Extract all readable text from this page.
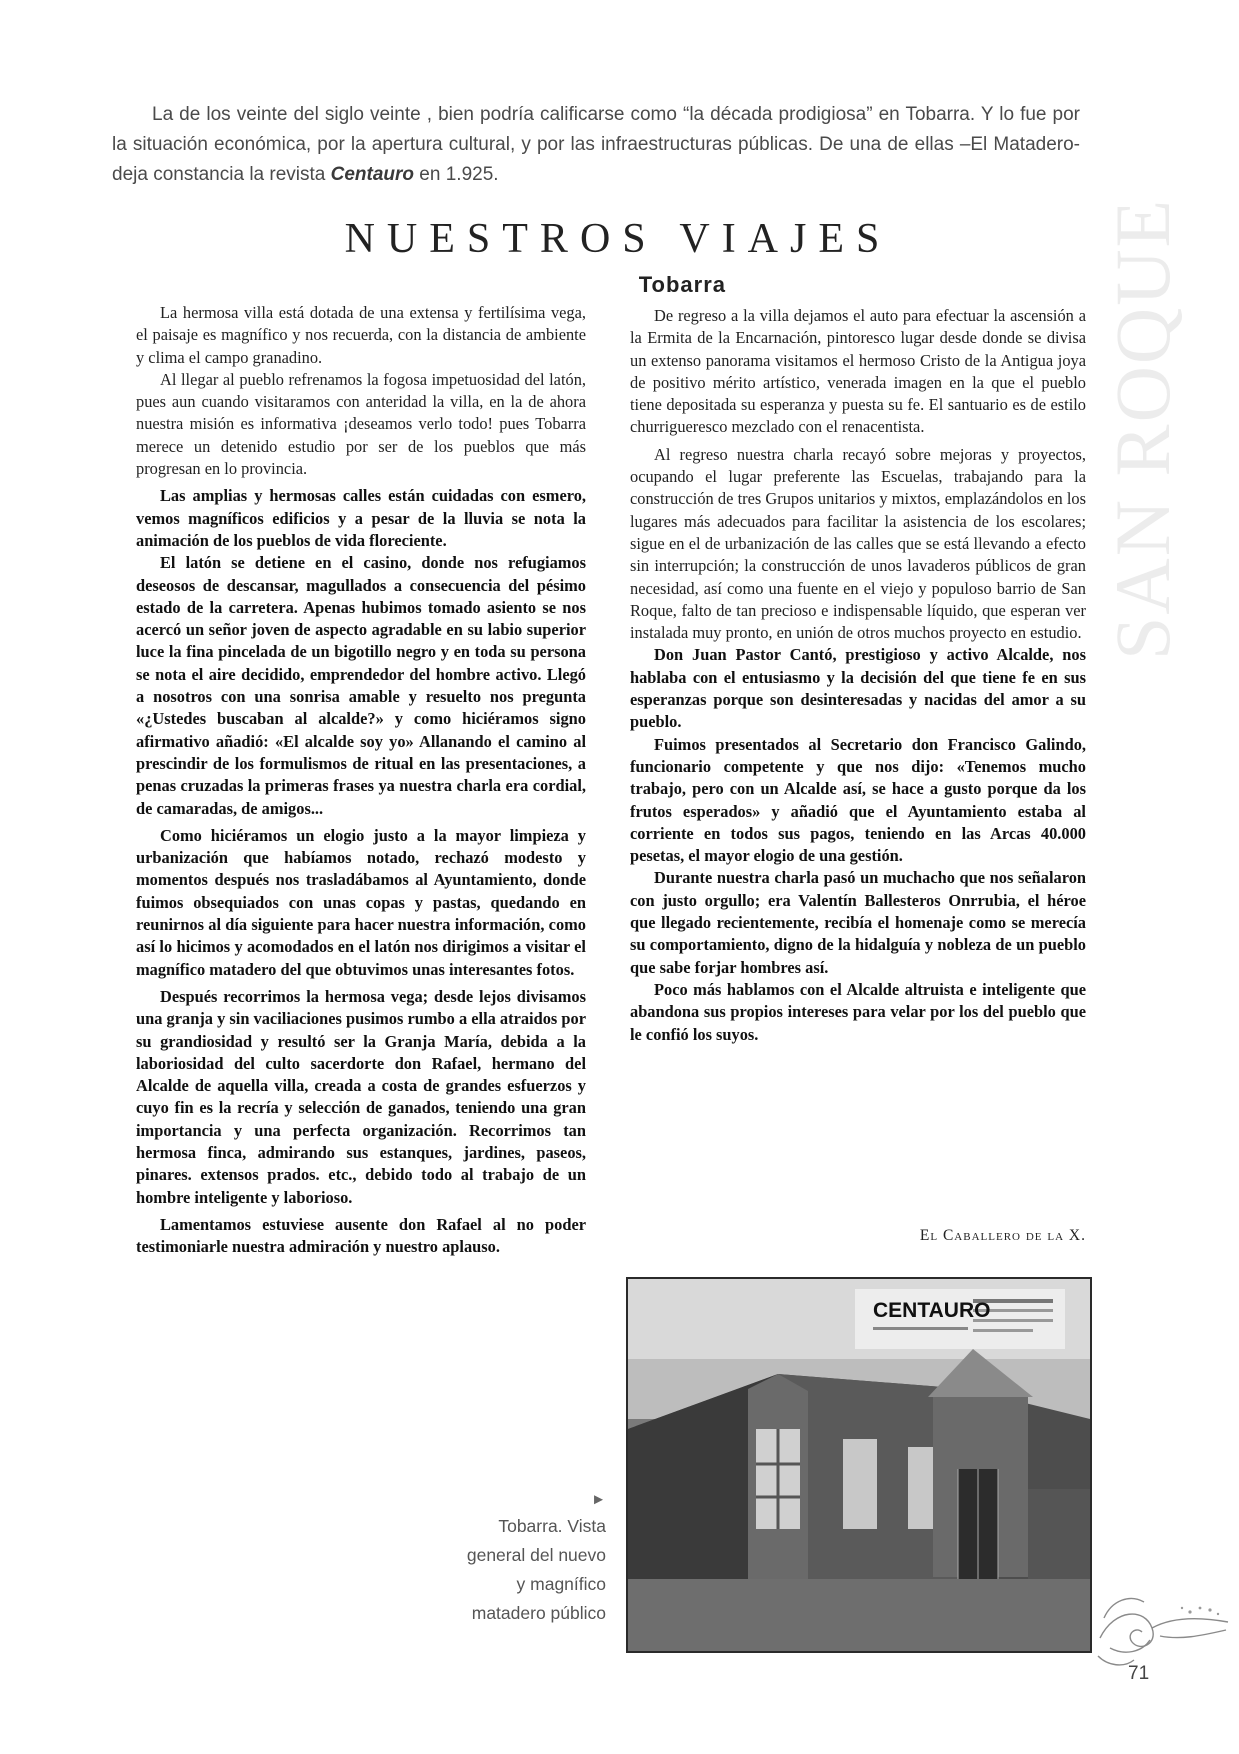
La de los veinte del siglo veinte , bien podría calificarse como “la década prodigiosa” en Tobarra. Y lo fue por la situación económica, por la apertura cultural, y por las infraestructuras públicas. De una de ellas –El Matadero- deja constancia la revista Centauro en 1.925.

SAN ROQUE
NUESTROS VIAJES
Tobarra

La hermosa villa está dotada de una extensa y fertilísima vega, el paisaje es magnífico y nos recuerda, con la distancia de ambiente y clima el campo granadino.

Al llegar al pueblo refrenamos la fogosa impetuosidad del latón, pues aun cuando visitaramos con anteridad la villa, en la de ahora nuestra misión es informativa ¡deseamos verlo todo! pues Tobarra merece un detenido estudio por ser de los pueblos que más progresan en lo provincia.

Las amplias y hermosas calles están cuidadas con esmero, vemos magníficos edificios y a pesar de la lluvia se nota la animación de los pueblos de vida floreciente.

El latón se detiene en el casino, donde nos refugiamos deseosos de descansar, magullados a consecuencia del pésimo estado de la carretera. Apenas hubimos tomado asiento se nos acercó un señor joven de aspecto agradable en su labio superior luce la fina pincelada de un bigotillo negro y en toda su persona se nota el aire decidido, emprendedor del hombre activo. Llegó a nosotros con una sonrisa amable y resuelto nos pregunta «¿Ustedes buscaban al alcalde?» y como hiciéramos signo afirmativo añadió: «El alcalde soy yo» Allanando el camino al prescindir de los formulismos de ritual en las presentaciones, a penas cruzadas la primeras frases ya nuestra charla era cordial, de camaradas, de amigos...

Como hiciéramos un elogio justo a la mayor limpieza y urbanización que habíamos notado, rechazó modesto y momentos después nos trasladábamos al Ayuntamiento, donde fuimos obsequiados con unas copas y pastas, quedando en reunirnos al día siguiente para hacer nuestra información, como así lo hicimos y acomodados en el latón nos dirigimos a visitar el magnífico matadero del que obtuvimos unas interesantes fotos.

Después recorrimos la hermosa vega; desde lejos divisamos una granja y sin vaciliaciones pusimos rumbo a ella atraidos por su grandiosidad y resultó ser la Granja María, debida a la laboriosidad del culto sacerdorte don Rafael, hermano del Alcalde de aquella villa, creada a costa de grandes esfuerzos y cuyo fin es la recría y selección de ganados, teniendo una gran importancia y una perfecta organización. Recorrimos tan hermosa finca, admirando sus estanques, jardines, paseos, pinares. extensos prados. etc., debido todo al trabajo de un hombre inteligente y laborioso.

Lamentamos estuviese ausente don Rafael al no poder testimoniarle nuestra admiración y nuestro aplauso.

De regreso a la villa dejamos el auto para efectuar la ascensión a la Ermita de la Encarnación, pintoresco lugar desde donde se divisa un extenso panorama visitamos el hermoso Cristo de la Antigua joya de positivo mérito artístico, venerada imagen en la que el pueblo tiene depositada su esperanza y puesta su fe. El santuario es de estilo churrigueresco mezclado con el renacentista.

Al regreso nuestra charla recayó sobre mejoras y proyectos, ocupando el lugar preferente las Escuelas, trabajando para la construcción de tres Grupos unitarios y mixtos, emplazándolos en los lugares más adecuados para facilitar la asistencia de los escolares; sigue en el de urbanización de las calles que se está llevando a efecto sin interrupción; la construcción de unos lavaderos públicos de gran necesidad, así como una fuente en el viejo y populoso barrio de San Roque, falto de tan precioso e indispensable líquido, que esperan ver instalada muy pronto, en unión de otros muchos proyecto en estudio.

Don Juan Pastor Cantó, prestigioso y activo Alcalde, nos hablaba con el entusiasmo y la decisión del que tiene fe en sus esperanzas porque son desinteresadas y nacidas del amor a su pueblo.

Fuimos presentados al Secretario don Francisco Galindo, funcionario competente y que nos dijo: «Tenemos mucho trabajo, pero con un Alcalde así, se hace a gusto porque da los frutos esperados» y añadió que el Ayuntamiento estaba al corriente en todos sus pagos, teniendo en las Arcas 40.000 pesetas, el mayor elogio de una gestión.

Durante nuestra charla pasó un muchacho que nos señalaron con justo orgullo; era Valentín Ballesteros Onrrubia, el héroe que llegado recientemente, recibía el homenaje como se merecía su comportamiento, digno de la hidalguía y nobleza de un pueblo que sabe forjar hombres así.

Poco más hablamos con el Alcalde altruista e inteligente que abandona sus propios intereses para velar por los del pueblo que le confió los suyos.

El Caballero de la X.
CENTAURO
►
Tobarra. Vista
general del nuevo
y magnífico
matadero público
71
